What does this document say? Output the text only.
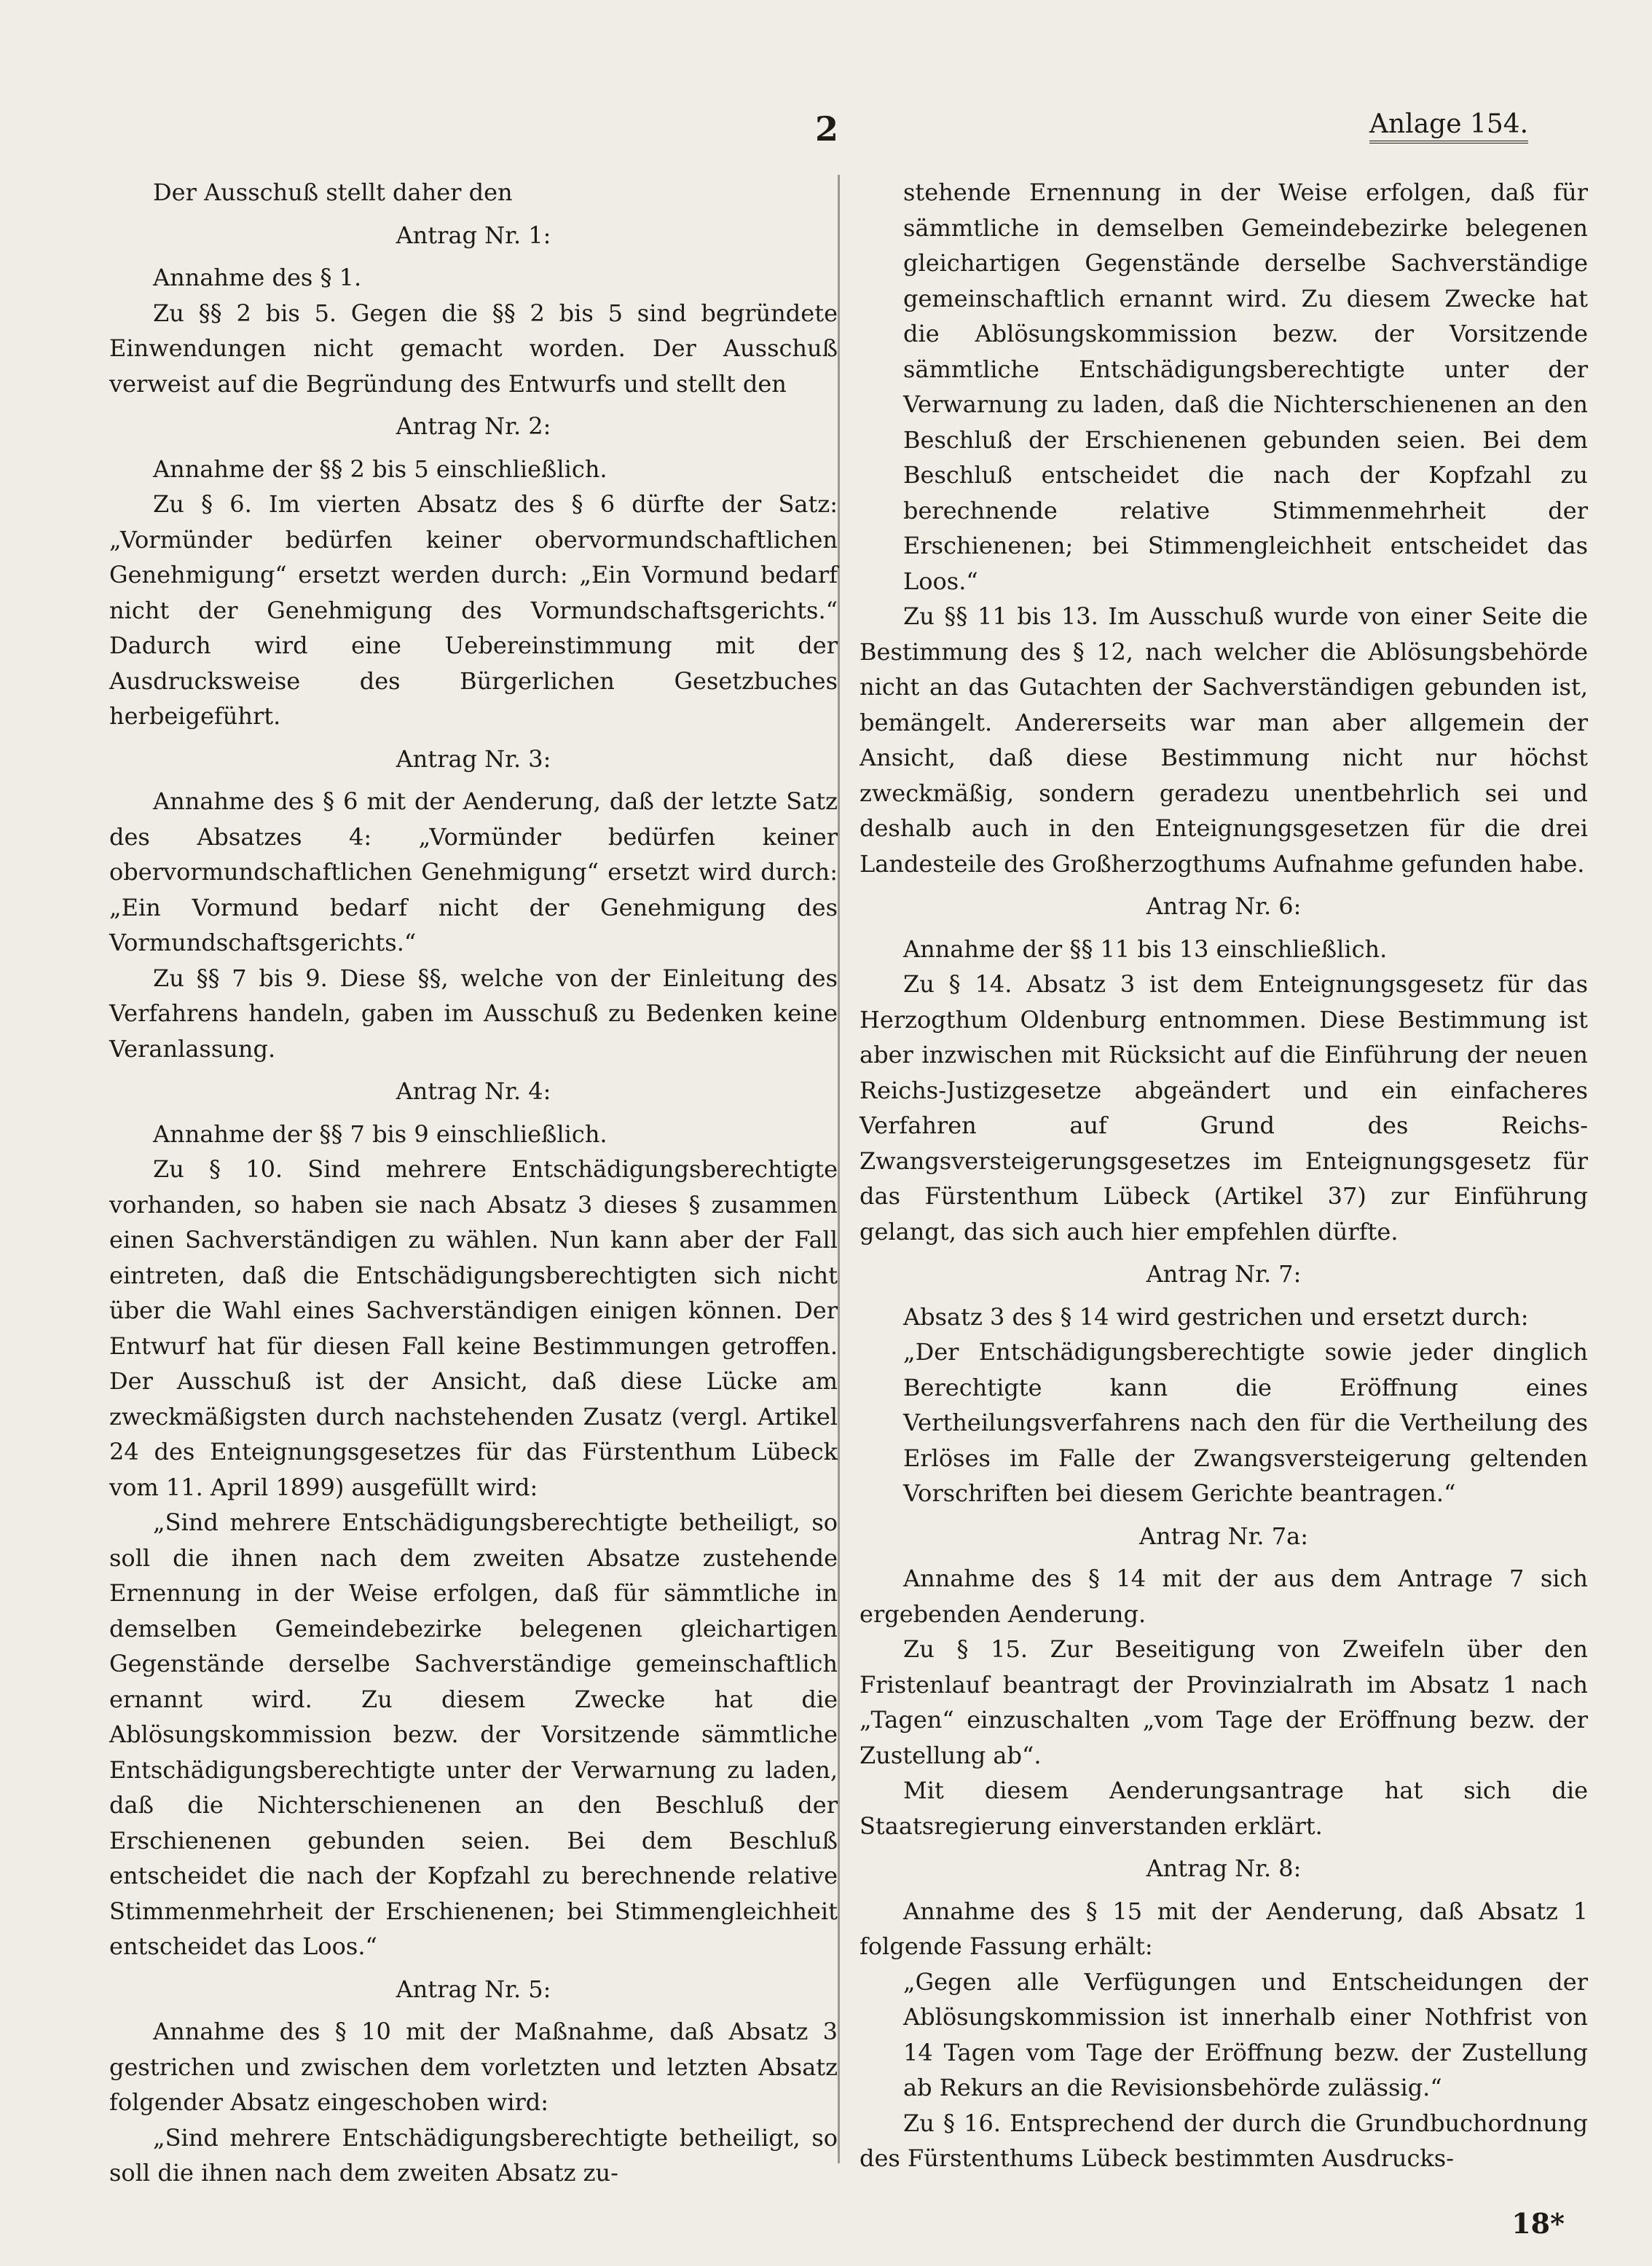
2	Anlage 154.

Der Ausschuß stellt daher den

Antrag Nr. 1:

Annahme des § 1.

Zu §§ 2 bis 5. Gegen die §§ 2 bis 5 sind begründete Einwendungen nicht gemacht worden. Der Ausschuß verweist auf die Begründung des Entwurfs und stellt den

Antrag Nr. 2:

Annahme der §§ 2 bis 5 einschließlich.

Zu § 6. Im vierten Absatz des § 6 dürfte der Satz: „Vormünder bedürfen keiner obervormundschaftlichen Genehmigung“ ersetzt werden durch: „Ein Vormund bedarf nicht der Genehmigung des Vormundschaftsgerichts.“ Dadurch wird eine Uebereinstimmung mit der Ausdrucksweise des Bürgerlichen Gesetzbuches herbeigeführt.

Antrag Nr. 3:

Annahme des § 6 mit der Aenderung, daß der letzte Satz des Absatzes 4: „Vormünder bedürfen keiner obervormundschaftlichen Genehmigung“ ersetzt wird durch: „Ein Vormund bedarf nicht der Genehmigung des Vormundschaftsgerichts.“

Zu §§ 7 bis 9. Diese §§, welche von der Einleitung des Verfahrens handeln, gaben im Ausschuß zu Bedenken keine Veranlassung.

Antrag Nr. 4:

Annahme der §§ 7 bis 9 einschließlich.

Zu § 10. Sind mehrere Entschädigungsberechtigte vorhanden, so haben sie nach Absatz 3 dieses § zusammen einen Sachverständigen zu wählen. Nun kann aber der Fall eintreten, daß die Entschädigungsberechtigten sich nicht über die Wahl eines Sachverständigen einigen können. Der Entwurf hat für diesen Fall keine Bestimmungen getroffen. Der Ausschuß ist der Ansicht, daß diese Lücke am zweckmäßigsten durch nachstehenden Zusatz (vergl. Artikel 24 des Enteignungsgesetzes für das Fürstenthum Lübeck vom 11. April 1899) ausgefüllt wird:

„Sind mehrere Entschädigungsberechtigte betheiligt, so soll die ihnen nach dem zweiten Absatze zustehende Ernennung in der Weise erfolgen, daß für sämmtliche in demselben Gemeindebezirke belegenen gleichartigen Gegenstände derselbe Sachverständige gemeinschaftlich ernannt wird. Zu diesem Zwecke hat die Ablösungskommission bezw. der Vorsitzende sämmtliche Entschädigungsberechtigte unter der Verwarnung zu laden, daß die Nichterschienenen an den Beschluß der Erschienenen gebunden seien. Bei dem Beschluß entscheidet die nach der Kopfzahl zu berechnende relative Stimmenmehrheit der Erschienenen; bei Stimmengleichheit entscheidet das Loos.“

Antrag Nr. 5:

Annahme des § 10 mit der Maßnahme, daß Absatz 3 gestrichen und zwischen dem vorletzten und letzten Absatz folgender Absatz eingeschoben wird:

„Sind mehrere Entschädigungsberechtigte betheiligt, so soll die ihnen nach dem zweiten Absatz zu-

stehende Ernennung in der Weise erfolgen, daß für sämmtliche in demselben Gemeindebezirke belegenen gleichartigen Gegenstände derselbe Sachverständige gemeinschaftlich ernannt wird. Zu diesem Zwecke hat die Ablösungskommission bezw. der Vorsitzende sämmtliche Entschädigungsberechtigte unter der Verwarnung zu laden, daß die Nichterschienenen an den Beschluß der Erschienenen gebunden seien. Bei dem Beschluß entscheidet die nach der Kopfzahl zu berechnende relative Stimmenmehrheit der Erschienenen; bei Stimmengleichheit entscheidet das Loos.“

Zu §§ 11 bis 13. Im Ausschuß wurde von einer Seite die Bestimmung des § 12, nach welcher die Ablösungsbehörde nicht an das Gutachten der Sachverständigen gebunden ist, bemängelt. Andererseits war man aber allgemein der Ansicht, daß diese Bestimmung nicht nur höchst zweckmäßig, sondern geradezu unentbehrlich sei und deshalb auch in den Enteignungsgesetzen für die drei Landesteile des Großherzogthums Aufnahme gefunden habe.

Antrag Nr. 6:

Annahme der §§ 11 bis 13 einschließlich.

Zu § 14. Absatz 3 ist dem Enteignungsgesetz für das Herzogthum Oldenburg entnommen. Diese Bestimmung ist aber inzwischen mit Rücksicht auf die Einführung der neuen Reichs-Justizgesetze abgeändert und ein einfacheres Verfahren auf Grund des Reichs-Zwangsversteigerungsgesetzes im Enteignungsgesetz für das Fürstenthum Lübeck (Artikel 37) zur Einführung gelangt, das sich auch hier empfehlen dürfte.

Antrag Nr. 7:

Absatz 3 des § 14 wird gestrichen und ersetzt durch:

„Der Entschädigungsberechtigte sowie jeder dinglich Berechtigte kann die Eröffnung eines Vertheilungsverfahrens nach den für die Vertheilung des Erlöses im Falle der Zwangsversteigerung geltenden Vorschriften bei diesem Gerichte beantragen.“

Antrag Nr. 7a:

Annahme des § 14 mit der aus dem Antrage 7 sich ergebenden Aenderung.

Zu § 15. Zur Beseitigung von Zweifeln über den Fristenlauf beantragt der Provinzialrath im Absatz 1 nach „Tagen“ einzuschalten „vom Tage der Eröffnung bezw. der Zustellung ab“.

Mit diesem Aenderungsantrage hat sich die Staatsregierung einverstanden erklärt.

Antrag Nr. 8:

Annahme des § 15 mit der Aenderung, daß Absatz 1 folgende Fassung erhält:

„Gegen alle Verfügungen und Entscheidungen der Ablösungskommission ist innerhalb einer Nothfrist von 14 Tagen vom Tage der Eröffnung bezw. der Zustellung ab Rekurs an die Revisionsbehörde zulässig.“

Zu § 16. Entsprechend der durch die Grundbuchordnung des Fürstenthums Lübeck bestimmten Ausdrucks-

18*
